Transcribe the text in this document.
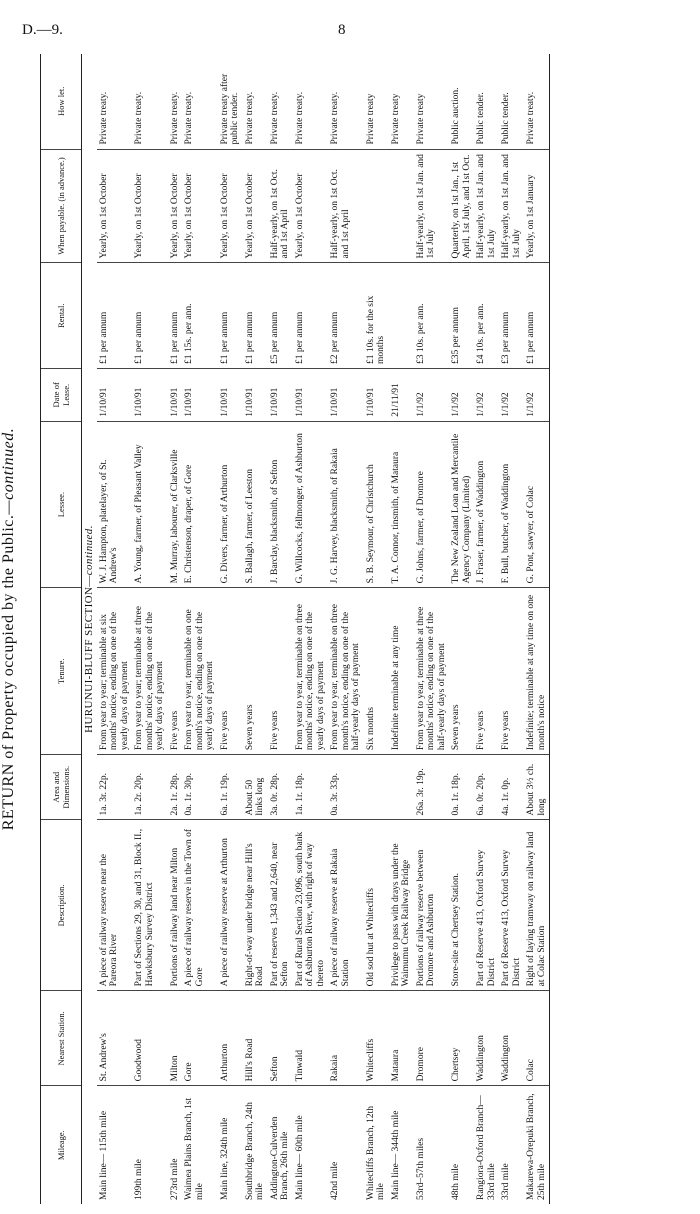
D.—9.	8
RETURN of Property occupied by the Public.—continued.
Mileage.	Nearest Station.	Description.	Area and Dimensions.	Tenure.	Lessee.	Date of Lease.	Rental.	When payable. (in advance.)	How let.
HURUNUI-BLUFF SECTION—continued.									
Main line— 115th mile	St. Andrew's	A piece of railway reserve near the Pareora River	1a. 3r. 22p.	From year to year; terminable at six months' notice, ending on one of the yearly days of payment	W. J. Hampton, platelayer, of St. Andrew's	1/10/91	£1 per annum	Yearly, on 1st October	Private treaty.
199th mile	Goodwood	Part of Sections 29, 30, and 31, Block II., Hawksbury Survey District	1a. 2r. 20p.	From year to year; terminable at three months' notice, ending on one of the yearly days of payment	A. Young, farmer, of Pleasant Valley	1/10/91	£1 per annum	Yearly, on 1st October	Private treaty.
273rd mile	Milton	Portions of railway land near Milton	2a. 1r. 28p.	Five years	M. Murray, labourer, of Clarksville	1/10/91	£1 per annum	Yearly, on 1st October	Private treaty.
Waimea Plains Branch, 1st mile	Gore	A piece of railway reserve in the Town of Gore	0a. 1r. 30p.	From year to year, terminable on one month's notice, ending on one of the yearly days of payment	E. Christenson, draper, of Gore	1/10/91	£1 15s. per ann.	Yearly, on 1st October	Private treaty.
Main line, 324th mile	Arthurton	A piece of railway reserve at Arthurton	6a. 1r. 19p.	Five years	G. Divers, farmer, of Arthurton	1/10/91	£1 per annum	Yearly, on 1st October	Private treaty after public tender.
Southbridge Branch, 24th mile	Hill's Road	Right-of-way under bridge near Hill's Road	About 50 links long	Seven years	S. Ballagh, farmer, of Leeston	1/10/91	£1 per annum	Yearly, on 1st October	Private treaty.
Addington-Culverden Branch, 26th mile	Sefton	Part of reserves 1,343 and 2,640, near Sefton	3a. 0r. 28p.	Five years	J. Barclay, blacksmith, of Sefton	1/10/91	£5 per annum	Half-yearly, on 1st Oct. and 1st April	Private treaty.
Main line— 60th mile	Tinwald	Part of Rural Section 23,096, south bank of Ashburton River, with right of way thereto	1a. 1r. 18p.	From year to year, terminable on three months' notice, ending on one of the yearly days of payment	G. Willcocks, fellmonger, of Ashburton	1/10/91	£1 per annum	Yearly, on 1st October	Private treaty.
42nd mile	Rakaia	A piece of railway reserve at Rakaia Station	0a. 3r. 33p.	From year to year, terminable on three month's notice, ending on one of the half-yearly days of payment	J. G. Harvey, blacksmith, of Rakaia	1/10/91	£2 per annum	Half-yearly, on 1st Oct. and 1st April	Private treaty.
Whitecliffs Branch, 12th mile	Whitecliffs	Old sod hut at Whitecliffs		Six months	S. B. Seymour, of Christchurch	1/10/91	£1 10s. for the six months		Private treaty
Main line— 344th mile	Mataura	Privilege to pass with drays under the Waimumu Creek Railway Bridge		Indefinite terminable at any time	T. A. Connor, tinsmith, of Mataura	21/11/91			Private treaty
53rd–57th miles	Dromore	Portions of railway reserve between Dromore and Ashburton	26a. 3r. 19p.	From year to year, terminable at three months' notice, ending on one of the half-yearly days of payment	G. Johns, farmer, of Dromore	1/1/92	£3 10s. per ann.	Half-yearly, on 1st Jan. and 1st July	Private treaty
48th mile	Chertsey	Store-site at Chertsey Station.	0a. 1r. 18p.	Seven years	The New Zealand Loan and Mercantile Agency Company (Limited)	1/1/92	£35 per annum	Quarterly, on 1st Jan., 1st April, 1st July, and 1st Oct.	Public auction.
Rangiora-Oxford Branch— 33rd mile	Waddington	Part of Reserve 413, Oxford Survey District	6a. 0r. 20p.	Five years	J. Fraser, farmer, of Waddington	1/1/92	£4 10s. per ann.	Half-yearly, on 1st Jan. and 1st July	Public tender.
33rd mile	Waddington	Part of Reserve 413, Oxford Survey District	4a. 1r. 0p.	Five years	F. Bull, butcher, of Waddington	1/1/92	£3 per annum	Half-yearly, on 1st Jan. and 1st July	Public tender.
Makarewa-Orepuki Branch, 25th mile	Colac	Right of laying tramway on railway land at Colac Station	About 3½ ch. long	Indefinite; terminable at any time on one month's notice	G. Pont, sawyer, of Colac	1/1/92	£1 per annum	Yearly, on 1st January	Private treaty.
